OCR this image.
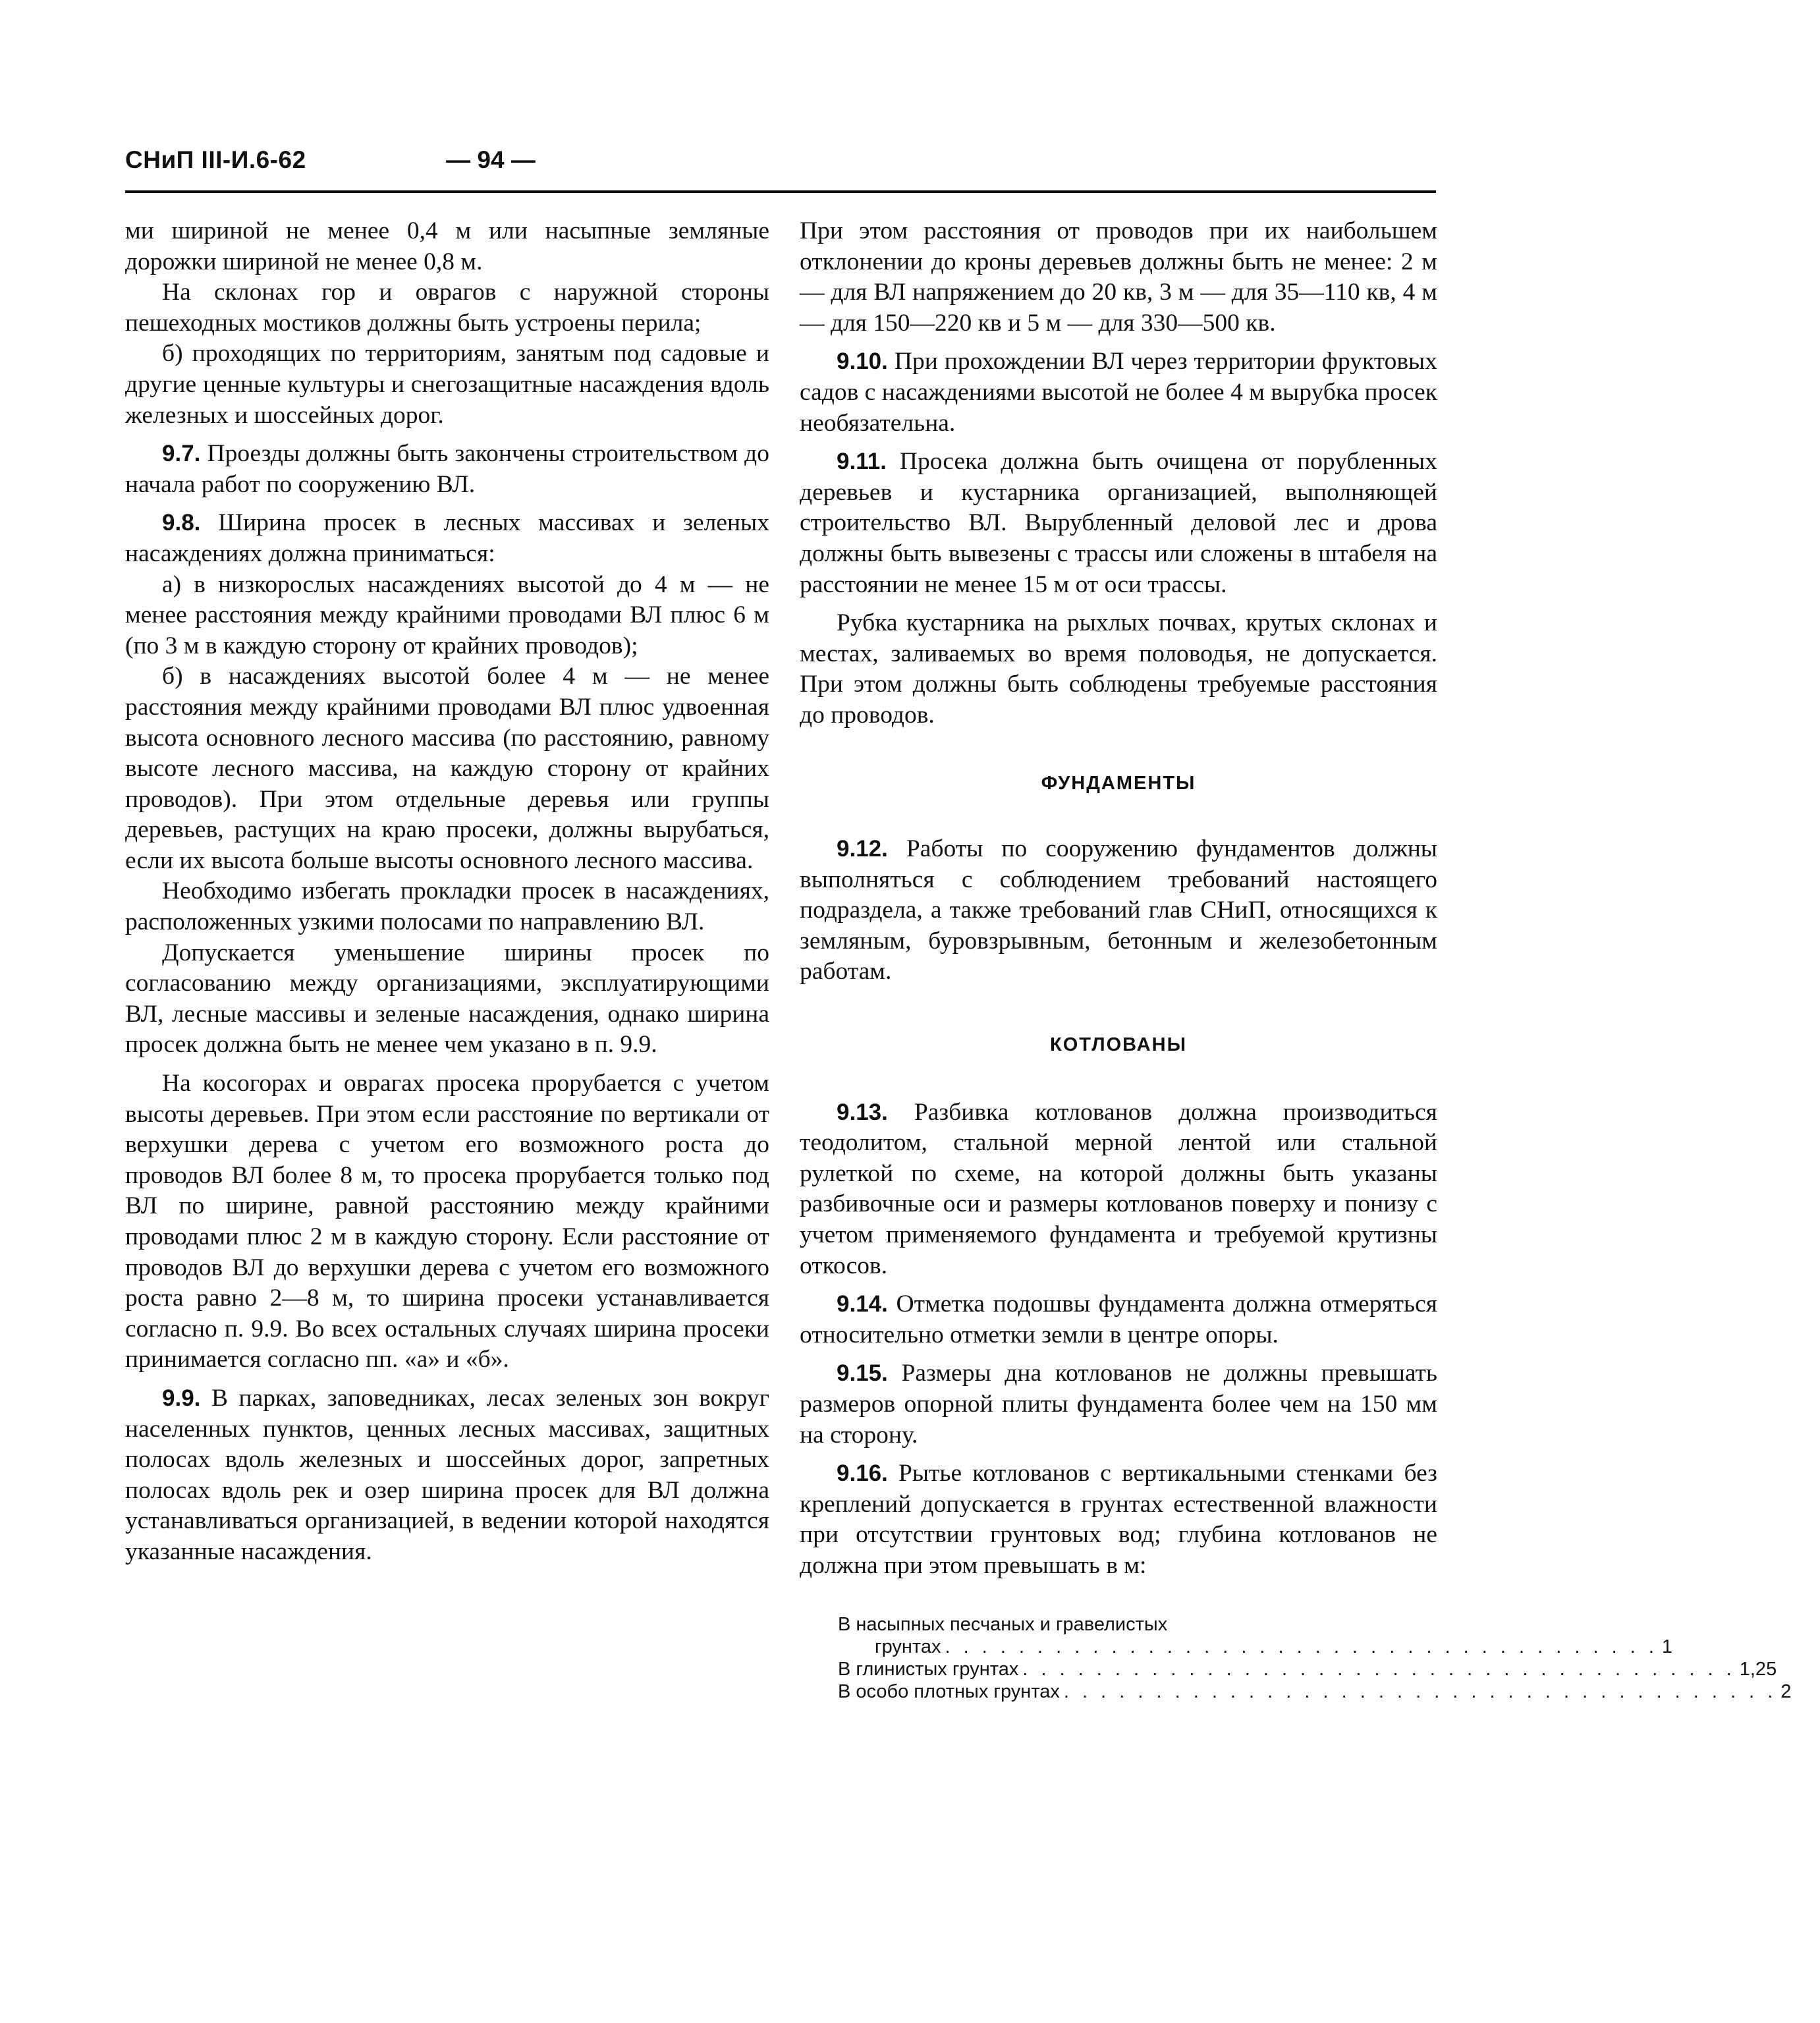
СНиП III-И.6-62	— 94 —

ми шириной не менее 0,4 м или насыпные земляные дорожки шириной не менее 0,8 м.

На склонах гор и оврагов с наружной стороны пешеходных мостиков должны быть устроены перила;

б) проходящих по территориям, занятым под садовые и другие ценные культуры и снегозащитные насаждения вдоль железных и шоссейных дорог.

9.7. Проезды должны быть закончены строительством до начала работ по сооружению ВЛ.

9.8. Ширина просек в лесных массивах и зеленых насаждениях должна приниматься:

а) в низкорослых насаждениях высотой до 4 м — не менее расстояния между крайними проводами ВЛ плюс 6 м (по 3 м в каждую сторону от крайних проводов);

б) в насаждениях высотой более 4 м — не менее расстояния между крайними проводами ВЛ плюс удвоенная высота основного лесного массива (по расстоянию, равному высоте лесного массива, на каждую сторону от крайних проводов). При этом отдельные деревья или группы деревьев, растущих на краю просеки, должны вырубаться, если их высота больше высоты основного лесного массива.

Необходимо избегать прокладки просек в насаждениях, расположенных узкими полосами по направлению ВЛ.

Допускается уменьшение ширины просек по согласованию между организациями, эксплуатирующими ВЛ, лесные массивы и зеленые насаждения, однако ширина просек должна быть не менее чем указано в п. 9.9.

На косогорах и оврагах просека прорубается с учетом высоты деревьев. При этом если расстояние по вертикали от верхушки дерева с учетом его возможного роста до проводов ВЛ более 8 м, то просека прорубается только под ВЛ по ширине, равной расстоянию между крайними проводами плюс 2 м в каждую сторону. Если расстояние от проводов ВЛ до верхушки дерева с учетом его возможного роста равно 2—8 м, то ширина просеки устанавливается согласно п. 9.9. Во всех остальных случаях ширина просеки принимается согласно пп. «а» и «б».

9.9. В парках, заповедниках, лесах зеленых зон вокруг населенных пунктов, ценных лесных массивах, защитных полосах вдоль железных и шоссейных дорог, запретных полосах вдоль рек и озер ширина просек для ВЛ должна устанавливаться организацией, в ведении которой находятся указанные насаждения.

При этом расстояния от проводов при их наибольшем отклонении до кроны деревьев должны быть не менее: 2 м — для ВЛ напряжением до 20 кв, 3 м — для 35—110 кв, 4 м — для 150—220 кв и 5 м — для 330—500 кв.

9.10. При прохождении ВЛ через территории фруктовых садов с насаждениями высотой не более 4 м вырубка просек необязательна.

9.11. Просека должна быть очищена от порубленных деревьев и кустарника организацией, выполняющей строительство ВЛ. Вырубленный деловой лес и дрова должны быть вывезены с трассы или сложены в штабеля на расстоянии не менее 15 м от оси трассы.

Рубка кустарника на рыхлых почвах, крутых склонах и местах, заливаемых во время половодья, не допускается. При этом должны быть соблюдены требуемые расстояния до проводов.

ФУНДАМЕНТЫ

9.12. Работы по сооружению фундаментов должны выполняться с соблюдением требований настоящего подраздела, а также требований глав СНиП, относящихся к земляным, буровзрывным, бетонным и железобетонным работам.

КОТЛОВАНЫ

9.13. Разбивка котлованов должна производиться теодолитом, стальной мерной лентой или стальной рулеткой по схеме, на которой должны быть указаны разбивочные оси и размеры котлованов поверху и понизу с учетом применяемого фундамента и требуемой крутизны откосов.

9.14. Отметка подошвы фундамента должна отмеряться относительно отметки земли в центре опоры.

9.15. Размеры дна котлованов не должны превышать размеров опорной плиты фундамента более чем на 150 мм на сторону.

9.16. Рытье котлованов с вертикальными стенками без креплений допускается в грунтах естественной влажности при отсутствии грунтовых вод; глубина котлованов не должна при этом превышать в м:

В насыпных песчаных и гравелистых
грунтах . . . . . . . . . . . . . . . . . . . . . . . . . . . . . . . . . . . . . . . 1
В глинистых грунтах . . . . . . . . . . . . . . . . . . . . . . . . . . . . . . . . . . . . . . . 1,25
В особо плотных грунтах . . . . . . . . . . . . . . . . . . . . . . . . . . . . . . . . . . . . . . . 2
